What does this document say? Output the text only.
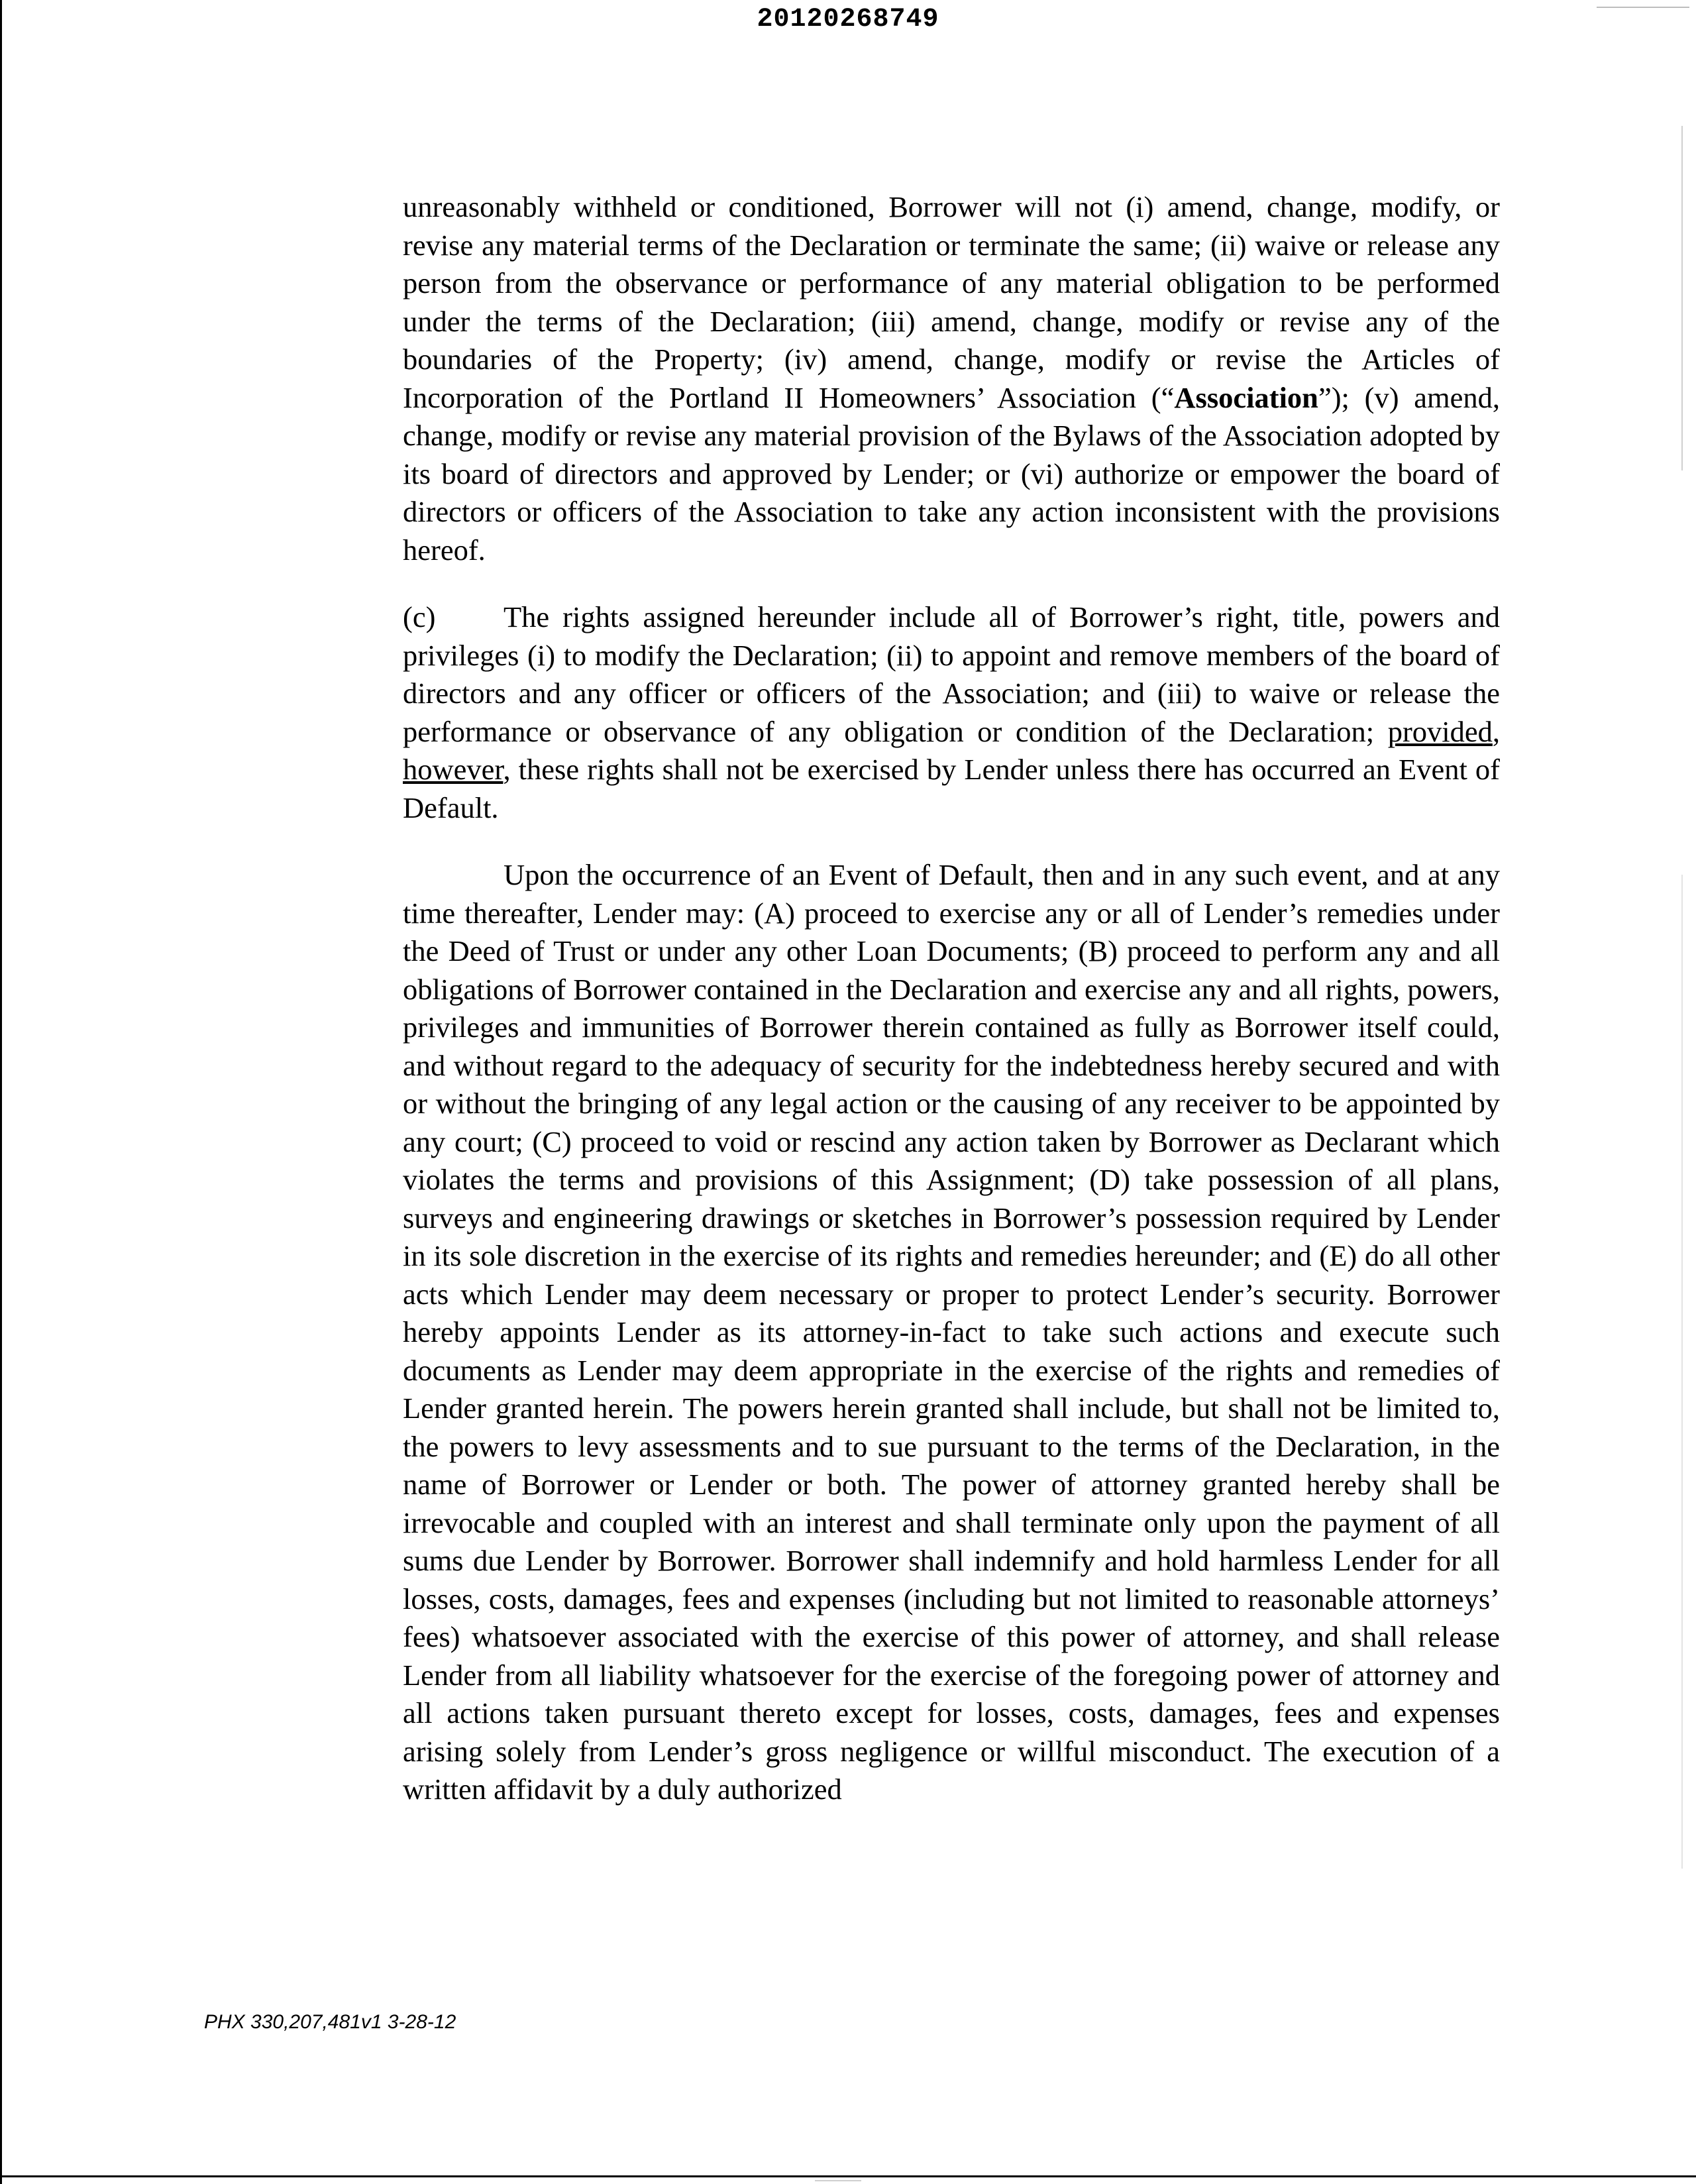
20120268749

unreasonably withheld or conditioned, Borrower will not (i) amend, change, modify, or revise any material terms of the Declaration or terminate the same; (ii) waive or release any person from the observance or performance of any material obligation to be performed under the terms of the Declaration; (iii) amend, change, modify or revise any of the boundaries of the Property; (iv) amend, change, modify or revise the Articles of Incorporation of the Portland II Homeowners’ Association (“Association”); (v) amend, change, modify or revise any material provision of the Bylaws of the Association adopted by its board of directors and approved by Lender; or (vi) authorize or empower the board of directors or officers of the Association to take any action inconsistent with the provisions hereof.

(c) The rights assigned hereunder include all of Borrower’s right, title, powers and privileges (i) to modify the Declaration; (ii) to appoint and remove members of the board of directors and any officer or officers of the Association; and (iii) to waive or release the performance or observance of any obligation or condition of the Declaration; provided, however, these rights shall not be exercised by Lender unless there has occurred an Event of Default.

Upon the occurrence of an Event of Default, then and in any such event, and at any time thereafter, Lender may: (A) proceed to exercise any or all of Lender’s remedies under the Deed of Trust or under any other Loan Documents; (B) proceed to perform any and all obligations of Borrower contained in the Declaration and exercise any and all rights, powers, privileges and immunities of Borrower therein contained as fully as Borrower itself could, and without regard to the adequacy of security for the indebtedness hereby secured and with or without the bringing of any legal action or the causing of any receiver to be appointed by any court; (C) proceed to void or rescind any action taken by Borrower as Declarant which violates the terms and provisions of this Assignment; (D) take possession of all plans, surveys and engineering drawings or sketches in Borrower’s possession required by Lender in its sole discretion in the exercise of its rights and remedies hereunder; and (E) do all other acts which Lender may deem necessary or proper to protect Lender’s security. Borrower hereby appoints Lender as its attorney-in-fact to take such actions and execute such documents as Lender may deem appropriate in the exercise of the rights and remedies of Lender granted herein. The powers herein granted shall include, but shall not be limited to, the powers to levy assessments and to sue pursuant to the terms of the Declaration, in the name of Borrower or Lender or both. The power of attorney granted hereby shall be irrevocable and coupled with an interest and shall terminate only upon the payment of all sums due Lender by Borrower. Borrower shall indemnify and hold harmless Lender for all losses, costs, damages, fees and expenses (including but not limited to reasonable attorneys’ fees) whatsoever associated with the exercise of this power of attorney, and shall release Lender from all liability whatsoever for the exercise of the foregoing power of attorney and all actions taken pursuant thereto except for losses, costs, damages, fees and expenses arising solely from Lender’s gross negligence or willful misconduct. The execution of a written affidavit by a duly authorized

PHX 330,207,481v1 3-28-12
